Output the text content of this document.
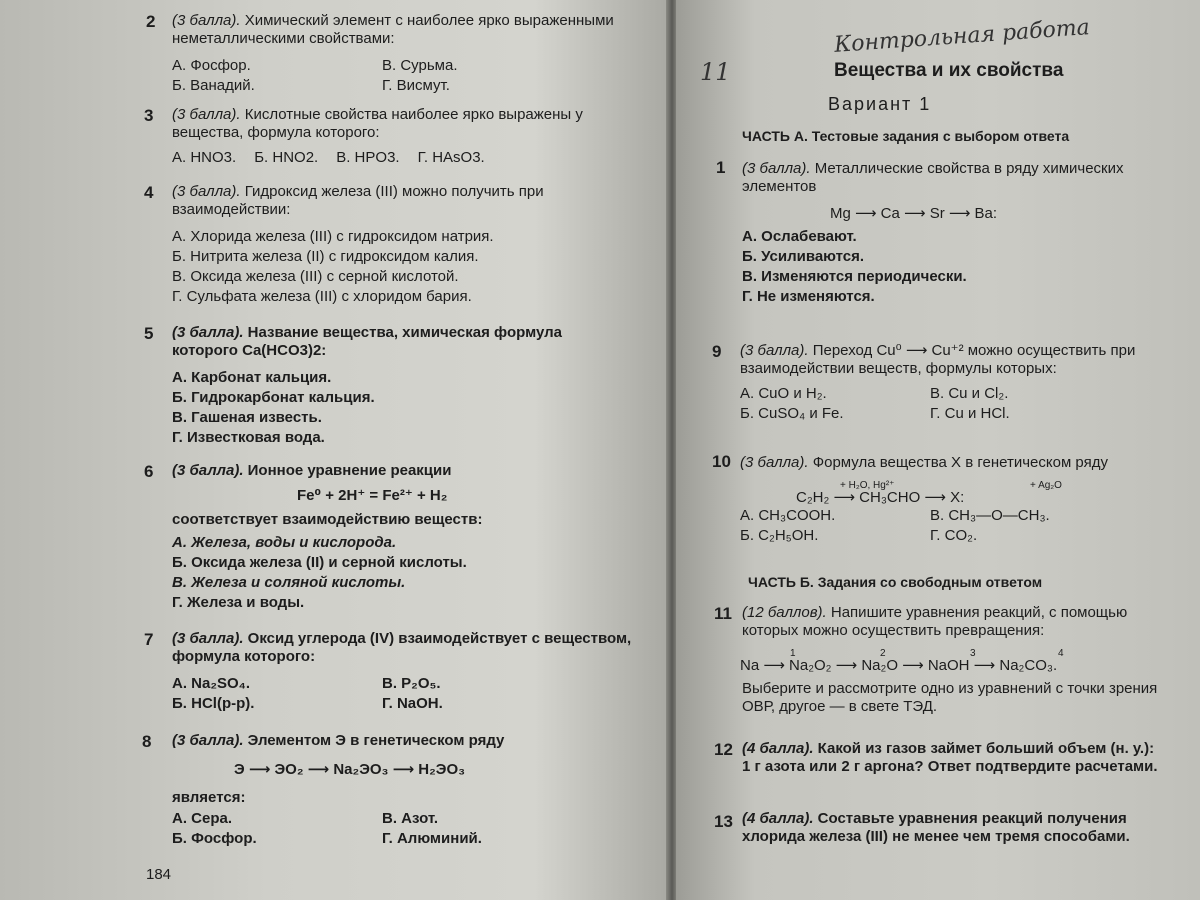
2 (3 балла). Химический элемент с наиболее ярко выраженными неметаллическими свойствами:
А. Фосфор.	В. Сурьма.
Б. Ванадий.	Г. Висмут.
3 (3 балла). Кислотные свойства наиболее ярко выражены у вещества, формула которого:
А. HNO3. Б. HNO2. В. HPO3. Г. HAsO3.
4 (3 балла). Гидроксид железа (III) можно получить при взаимодействии:
А. Хлорида железа (III) с гидроксидом натрия.
Б. Нитрита железа (II) с гидроксидом калия.
В. Оксида железа (III) с серной кислотой.
Г. Сульфата железа (III) с хлоридом бария.
5 (3 балла). Название вещества, химическая формула которого Ca(HCO3)2:
А. Карбонат кальция.
Б. Гидрокарбонат кальция.
В. Гашеная известь.
Г. Известковая вода.
6 (3 балла). Ионное уравнение реакции
Fe⁰ + 2H⁺ = Fe²⁺ + H₂
соответствует взаимодействию веществ:
А. Железа, воды и кислорода.
Б. Оксида железа (II) и серной кислоты.
В. Железа и соляной кислоты.
Г. Железа и воды.
7 (3 балла). Оксид углерода (IV) взаимодействует с веществом, формула которого:
А. Na₂SO₄.	В. P₂O₅.
Б. HCl(р-р).	Г. NaOH.
8 (3 балла). Элементом Э в генетическом ряду
Э ⟶ ЭO₂ ⟶ Na₂ЭO₃ ⟶ H₂ЭO₃
является:
А. Сера.	В. Азот.
Б. Фосфор.	Г. Алюминий.
184
Контрольная работа
11	Вещества и их свойства
Вариант 1
ЧАСТЬ А. Тестовые задания с выбором ответа
1 (3 балла). Металлические свойства в ряду химических элементов
Mg ⟶ Ca ⟶ Sr ⟶ Ba:
А. Ослабевают.
Б. Усиливаются.
В. Изменяются периодически.
Г. Не изменяются.
9 (3 балла). Переход Cu⁰ ⟶ Cu⁺² можно осуществить при взаимодействии веществ, формулы которых:
А. CuO и H₂.	В. Cu и Cl₂.
Б. CuSO₄ и Fe.	Г. Cu и HCl.
10 (3 балла). Формула вещества X в генетическом ряду
+ H₂O, Hg²⁺	+ Ag₂O
C₂H₂ ⟶ CH₃CHO ⟶ X:
А. CH₃COOH.	В. CH₃—O—CH₃.
Б. C₂H₅OH.	Г. CO₂.
ЧАСТЬ Б. Задания со свободным ответом
11 (12 баллов). Напишите уравнения реакций, с помощью которых можно осуществить превращения:
1	2	3	4
Na ⟶ Na₂O₂ ⟶ Na₂O ⟶ NaOH ⟶ Na₂CO₃.
Выберите и рассмотрите одно из уравнений с точки зрения ОВР, другое — в свете ТЭД.
12 (4 балла). Какой из газов займет больший объем (н. у.): 1 г азота или 2 г аргона? Ответ подтвердите расчетами.
13 (4 балла). Составьте уравнения реакций получения хлорида железа (III) не менее чем тремя способами.
